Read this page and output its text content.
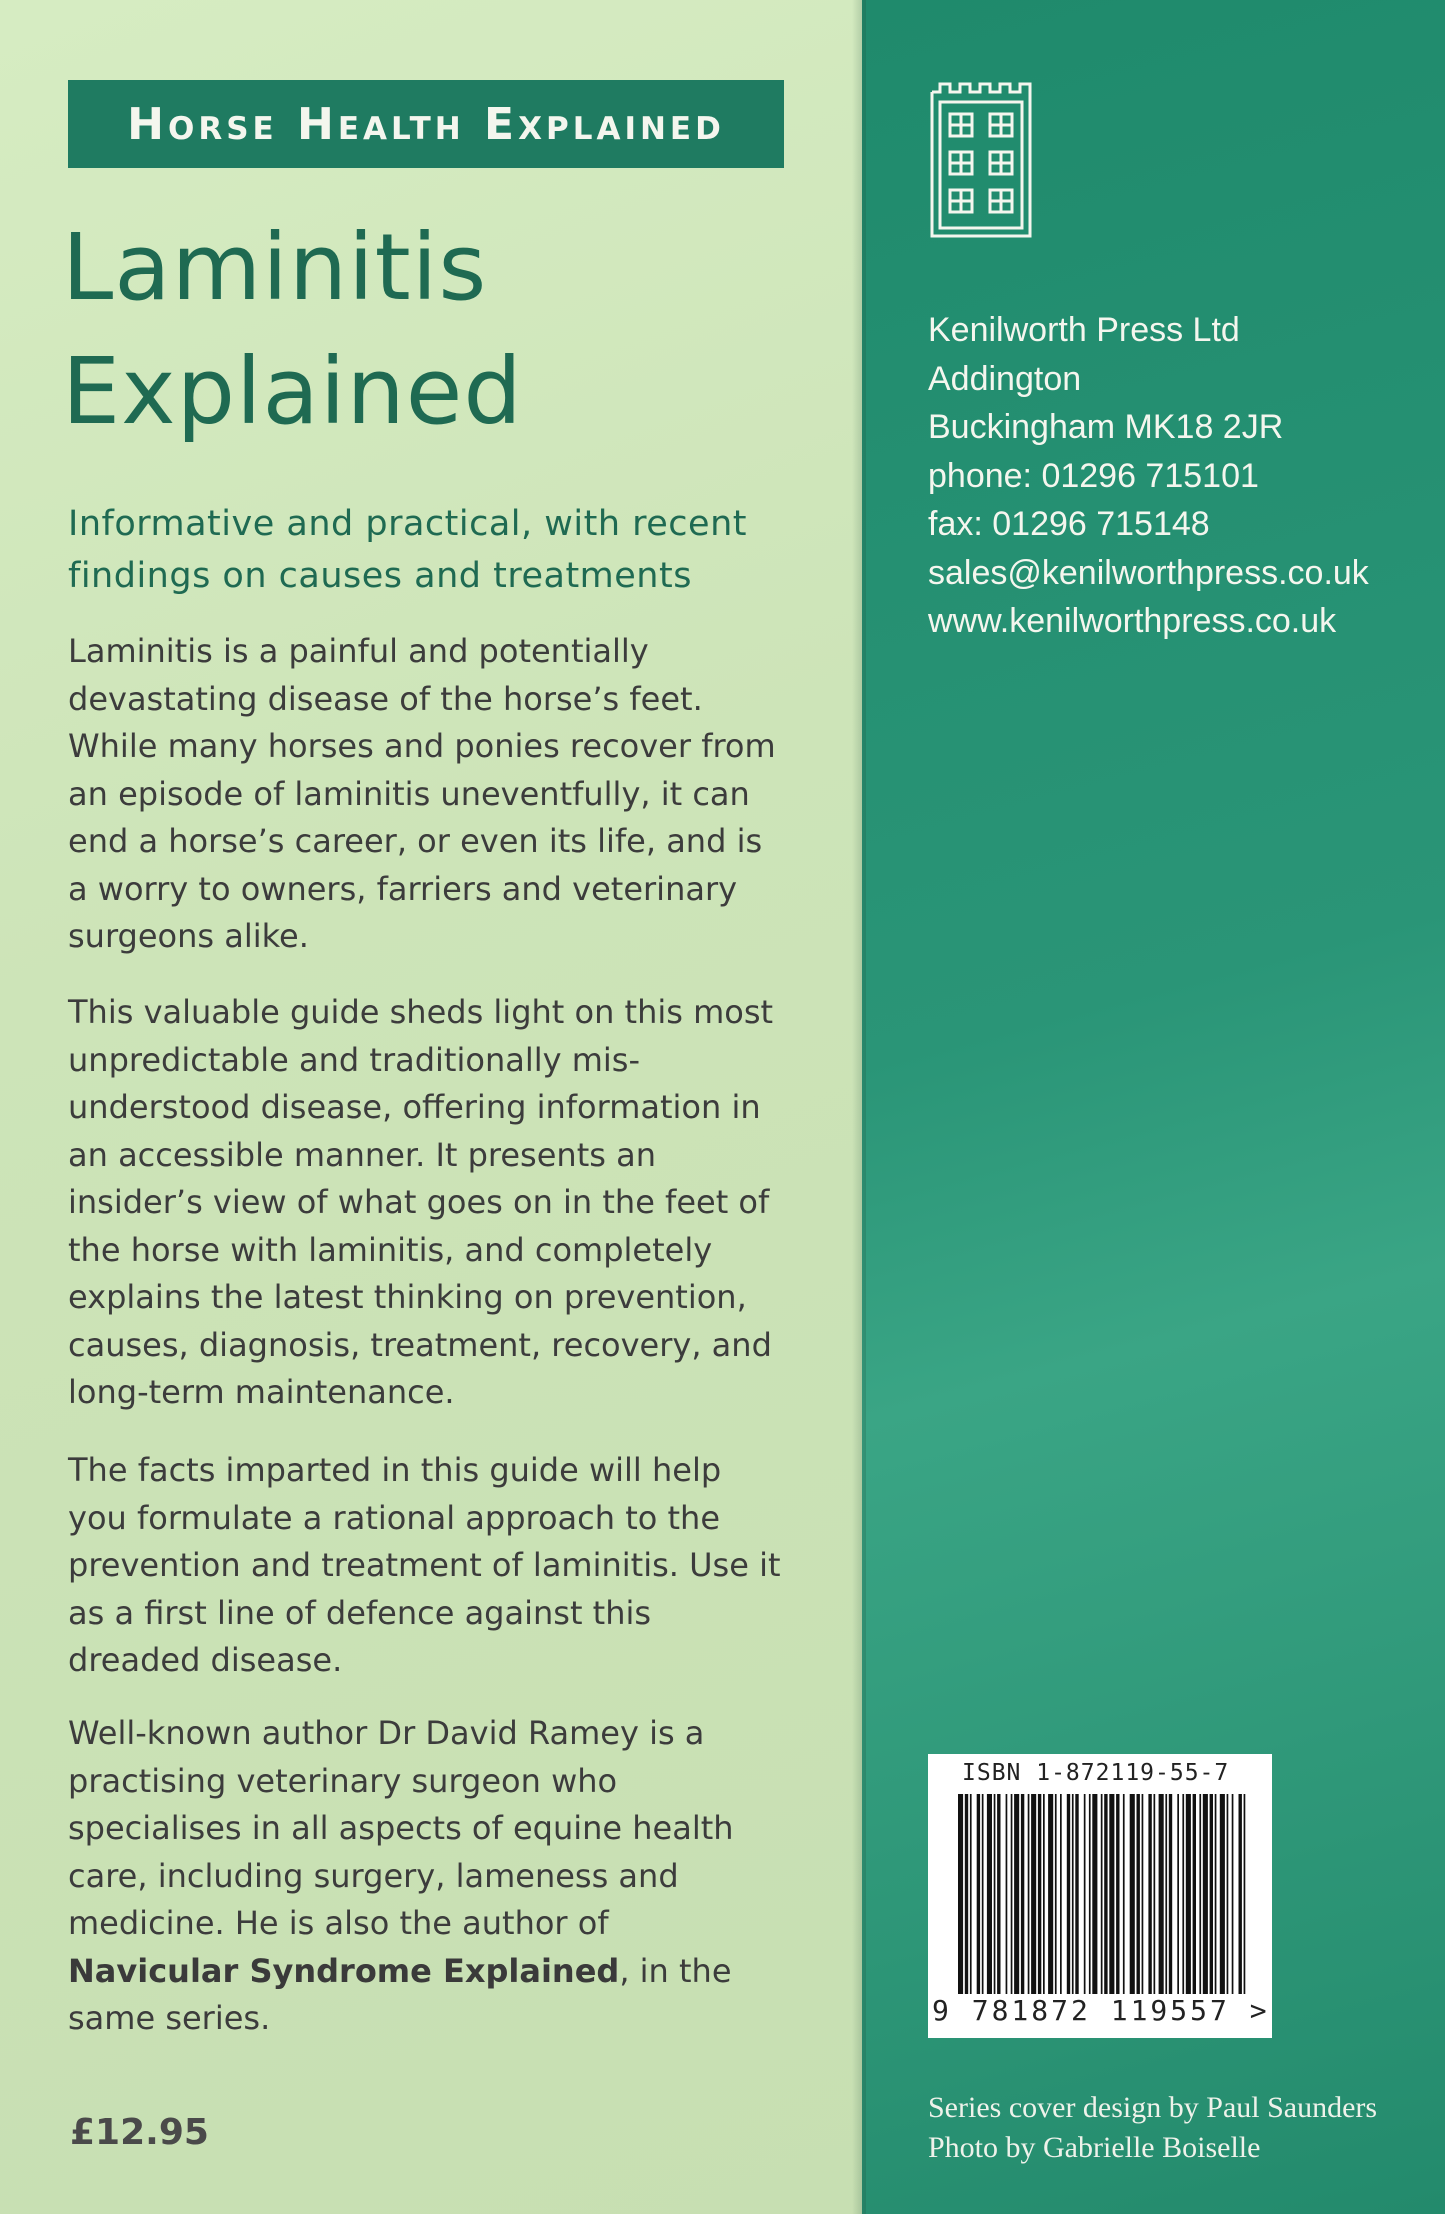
Horse Health Explained
Laminitis
Explained
Informative and practical, with recent findings on causes and treatments
Laminitis is a painful and potentially devastating disease of the horse’s feet. While many horses and ponies recover from an episode of laminitis uneventfully, it can end a horse’s career, or even its life, and is a worry to owners, farriers and veterinary surgeons alike.
This valuable guide sheds light on this most unpredictable and traditionally mis-understood disease, offering information in an accessible manner. It presents an insider’s view of what goes on in the feet of the horse with laminitis, and completely explains the latest thinking on prevention, causes, diagnosis, treatment, recovery, and long-term maintenance.
The facts imparted in this guide will help you formulate a rational approach to the prevention and treatment of laminitis. Use it as a first line of defence against this dreaded disease.
Well-known author Dr David Ramey is a practising veterinary surgeon who specialises in all aspects of equine health care, including surgery, lameness and medicine. He is also the author of Navicular Syndrome Explained, in the same series.
£12.95
Kenilworth Press Ltd
Addington
Buckingham MK18 2JR
phone: 01296 715101
fax: 01296 715148
sales@kenilworthpress.co.uk
www.kenilworthpress.co.uk
ISBN 1-872119-55-7
9 781872 119557 >
Series cover design by Paul Saunders
Photo by Gabrielle Boiselle
